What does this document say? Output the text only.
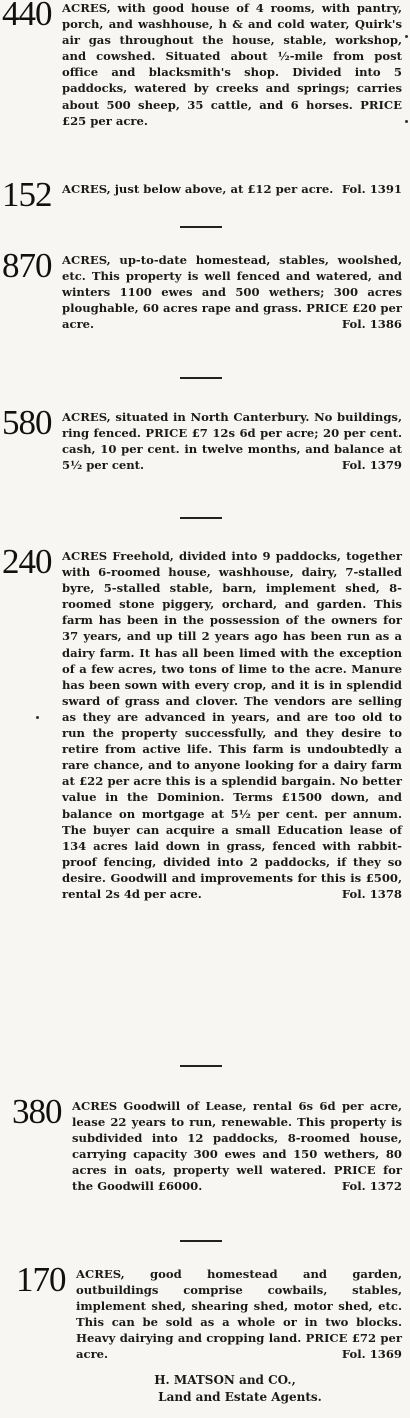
440 ACRES, with good house of 4 rooms, with pantry, porch, and washhouse, h & and cold water, Quirk's air gas throughout the house, stable, workshop, and cowshed. Situated about ½-mile from post office and blacksmith's shop. Divided into 5 paddocks, watered by creeks and springs; carries about 500 sheep, 35 cattle, and 6 horses. PRICE £25 per acre.
152 ACRES, just below above, at £12 per acre. Fol. 1391
870 ACRES, up-to-date homestead, stables, woolshed, etc. This property is well fenced and watered, and winters 1100 ewes and 500 wethers; 300 acres ploughable, 60 acres rape and grass. PRICE £20 per acre.	Fol. 1386
580 ACRES, situated in North Canterbury. No buildings, ring fenced. PRICE £7 12s 6d per acre; 20 per cent. cash, 10 per cent. in twelve months, and balance at 5½ per cent.	Fol. 1379
240 ACRES Freehold, divided into 9 paddocks, together with 6-roomed house, washhouse, dairy, 7-stalled byre, 5-stalled stable, barn, implement shed, 8-roomed stone piggery, orchard, and garden. This farm has been in the possession of the owners for 37 years, and up till 2 years ago has been run as a dairy farm. It has all been limed with the exception of a few acres, two tons of lime to the acre. Manure has been sown with every crop, and it is in splendid sward of grass and clover. The vendors are selling as they are advanced in years, and are too old to run the property successfully, and they desire to retire from active life. This farm is undoubtedly a rare chance, and to anyone looking for a dairy farm at £22 per acre this is a splendid bargain. No better value in the Dominion. Terms £1500 down, and balance on mortgage at 5½ per cent. per annum. The buyer can acquire a small Education lease of 134 acres laid down in grass, fenced with rabbit-proof fencing, divided into 2 paddocks, if they so desire. Goodwill and improvements for this is £500, rental 2s 4d per acre.	Fol. 1378
380 ACRES Goodwill of Lease, rental 6s 6d per acre, lease 22 years to run, renewable. This property is subdivided into 12 paddocks, 8-roomed house, carrying capacity 300 ewes and 150 wethers, 80 acres in oats, property well watered. PRICE for the Goodwill £6000.	Fol. 1372
170 ACRES, good homestead and garden, outbuildings comprise cowbails, stables, implement shed, shearing shed, motor shed, etc. This can be sold as a whole or in two blocks. Heavy dairying and cropping land. PRICE £72 per acre.	Fol. 1369
H. MATSON and CO.,
Land and Estate Agents.
